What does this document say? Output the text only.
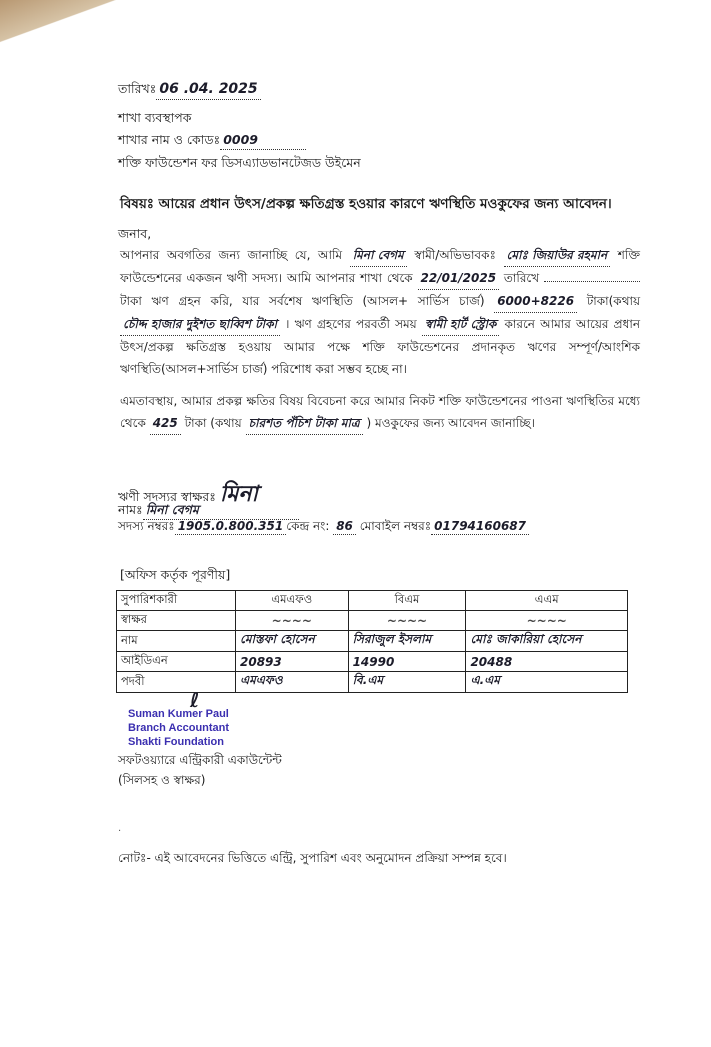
তারিখঃ 06 .04. 2025
শাখা ব্যবস্থাপক
শাখার নাম ও কোডঃ 0009
শক্তি ফাউন্ডেশন ফর ডিসএ্যাডভানটেজড উইমেন
বিষয়ঃ আয়ের প্রধান উৎস/প্রকল্প ক্ষতিগ্রস্ত হওয়ার কারণে ঋণস্থিতি মওকুফের জন্য আবেদন।
জনাব,
আপনার অবগতির জন্য জানাচ্ছি যে, আমি মিনা বেগম স্বামী/অভিভাবকঃ মোঃ জিয়াউর রহমান শক্তি ফাউন্ডেশনের একজন ঋণী সদস্য। আমি আপনার শাখা থেকে 22/01/2025 তারিখে  টাকা ঋণ গ্রহন করি, যার সর্বশেষ ঋণস্থিতি (আসল+ সার্ভিস চার্জ) 6000+8226 টাকা(কথায় চৌদ্দ হাজার দুইশত ছাব্বিশ টাকা । ঋণ গ্রহণের পরবর্তী সময় স্বামী হার্ট স্ট্রোক কারনে আমার আয়ের প্রধান উৎস/প্রকল্প ক্ষতিগ্রস্ত হওয়ায় আমার পক্ষে শক্তি ফাউন্ডেশনের প্রদানকৃত ঋণের সম্পূর্ণ/আংশিক ঋণস্থিতি(আসল+সার্ভিস চার্জ) পরিশোধ করা সম্ভব হচ্ছে না।
এমতাবস্থায়, আমার প্রকল্প ক্ষতির বিষয় বিবেচনা করে আমার নিকট শক্তি ফাউন্ডেশনের পাওনা ঋণস্থিতির মধ্যে থেকে 425 টাকা (কথায় চারশত পঁচিশ টাকা মাত্র ) মওকুফের জন্য আবেদন জানাচ্ছি।
ঋণী সদস্যর স্বাক্ষরঃ মিনা
নামঃ মিনা বেগম
সদস্য নম্বরঃ 1905.0.800.351 কেন্দ্র নং: 86 মোবাইল নম্বরঃ 01794160687
[অফিস কর্তৃক পূরণীয়]
সুপারিশকারী	এমএফও	বিএম	এএম
স্বাক্ষর	~~~~	~~~~	~~~~
নাম	মোস্তফা হোসেন	সিরাজুল ইসলাম	মোঃ জাকারিয়া হোসেন
আইডিএন	20893	14990	20488
পদবী	এমএফও	বি.এম	এ.এম
ℓ
Suman Kumer Paul
Branch Accountant
Shakti Foundation
সফটওয়্যারে এন্ট্রিকারী একাউন্টেন্ট
(সিলসহ ও স্বাক্ষর)
·
নোটঃ- এই আবেদনের ভিত্তিতে এন্ট্রি, সুপারিশ এবং অনুমোদন প্রক্রিয়া সম্পন্ন হবে।
